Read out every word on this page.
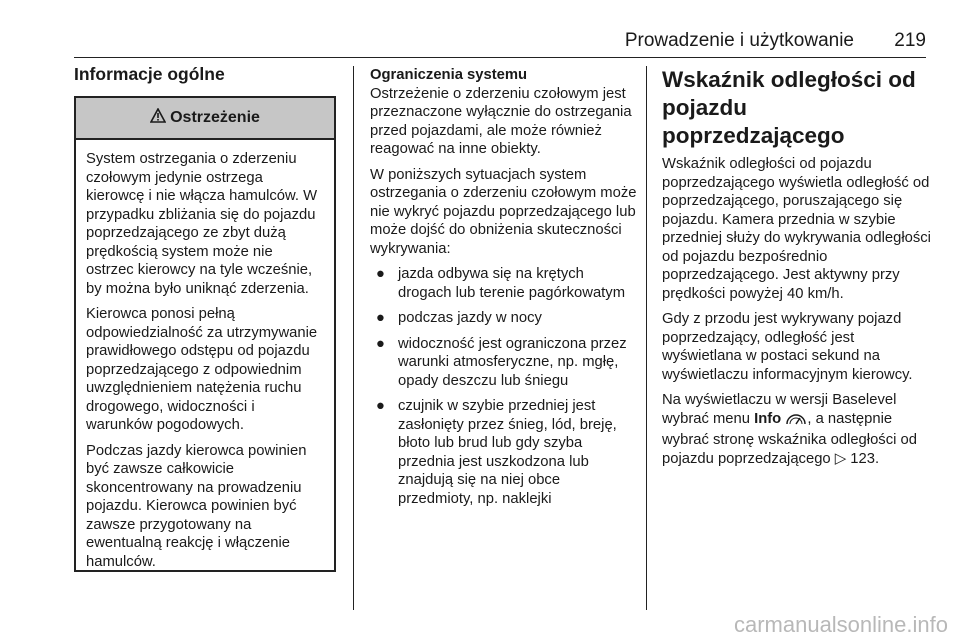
Prowadzenie i użytkowanie 219
Informacje ogólne
Ostrzeżenie

System ostrzegania o zderzeniu czołowym jedynie ostrzega kierowcę i nie włącza hamulców. W przypadku zbliżania się do pojazdu poprzedzającego ze zbyt dużą prędkością system może nie ostrzec kierowcy na tyle wcześnie, by można było uniknąć zderzenia.

Kierowca ponosi pełną odpowiedzialność za utrzymywanie prawidłowego odstępu od pojazdu poprzedzającego z odpowiednim uwzględnieniem natężenia ruchu drogowego, widoczności i warunków pogodowych.

Podczas jazdy kierowca powinien być zawsze całkowicie skoncentrowany na prowadzeniu pojazdu. Kierowca powinien być zawsze przygotowany na ewentualną reakcję i włączenie hamulców.

Ograniczenia systemu

Ostrzeżenie o zderzeniu czołowym jest przeznaczone wyłącznie do ostrzegania przed pojazdami, ale może również reagować na inne obiekty.

W poniższych sytuacjach system ostrzegania o zderzeniu czołowym może nie wykryć pojazdu poprzedzającego lub może dojść do obniżenia skuteczności wykrywania:

● jazda odbywa się na krętych drogach lub terenie pagórkowatym
● podczas jazdy w nocy
● widoczność jest ograniczona przez warunki atmosferyczne, np. mgłę, opady deszczu lub śniegu
● czujnik w szybie przedniej jest zasłonięty przez śnieg, lód, breję, błoto lub brud lub gdy szyba przednia jest uszkodzona lub znajdują się na niej obce przedmioty, np. naklejki
Wskaźnik odległości od pojazdu poprzedzającego

Wskaźnik odległości od pojazdu poprzedzającego wyświetla odległość od poprzedzającego, poruszającego się pojazdu. Kamera przednia w szybie przedniej służy do wykrywania odległości od pojazdu bezpośrednio poprzedzającego. Jest aktywny przy prędkości powyżej 40 km/h.

Gdy z przodu jest wykrywany pojazd poprzedzający, odległość jest wyświetlana w postaci sekund na wyświetlaczu informacyjnym kierowcy.

Na wyświetlaczu w wersji Baselevel wybrać menu Info , a następnie wybrać stronę wskaźnika odległości od pojazdu poprzedzającego ▷ 123.

carmanualsonline.info
